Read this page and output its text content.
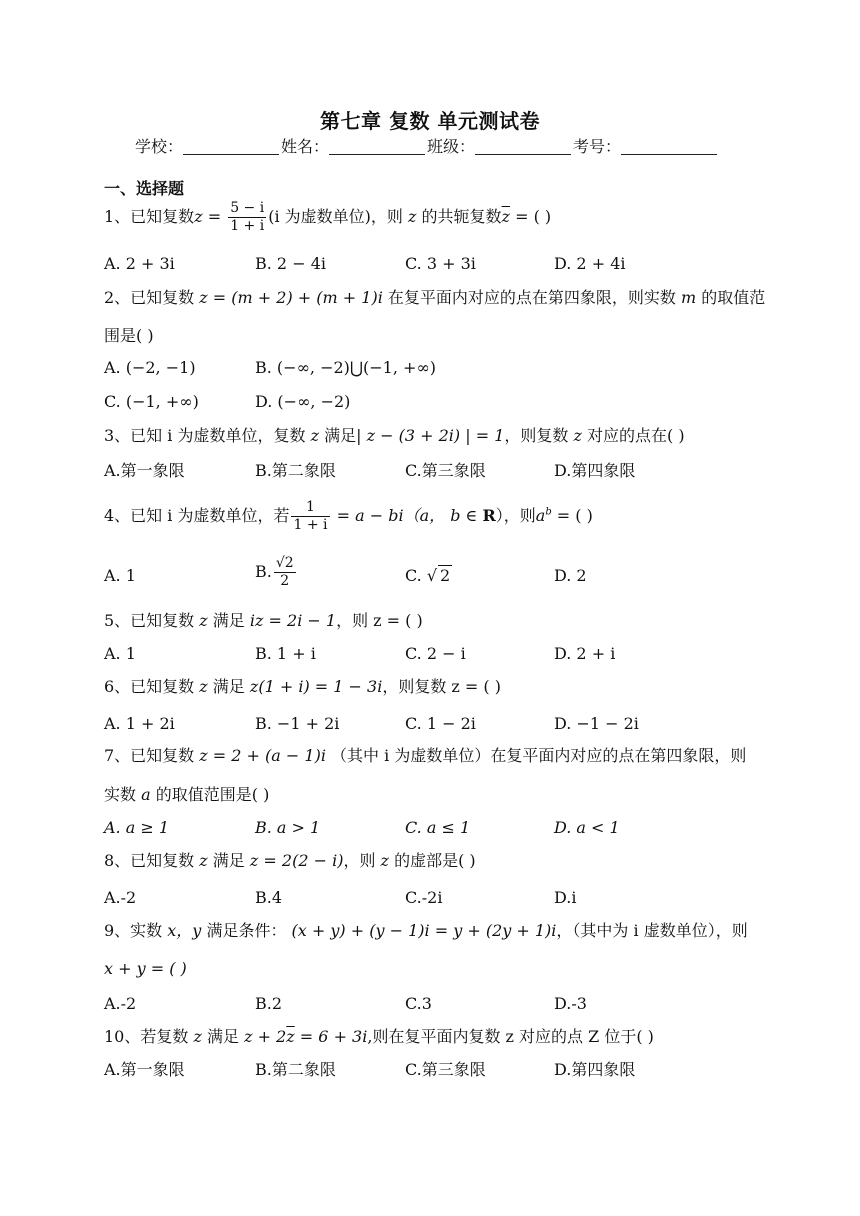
第七章 复数 单元测试卷
学校：	姓名：	班级：	考号：
一、选择题
1、已知复数$z = \frac{5 - i}{1 + i} (i$ 为虚数单位)，则 z 的共轭复数$\overline{z}$ = ( )
A. 2 + 3i	B. 2 − 4i	C. 3 + 3i	D. 2 + 4i
2、已知复数 z = (m + 2) + (m + 1)i 在复平面内对应的点在第四象限，则实数 m 的取值范
围是( )
A. (−2, −1)	B. (−∞, −2)⋃(−1, +∞)
C. (−1, +∞)	D. (−∞, −2)
3、已知 i 为虚数单位，复数 z 满足| z − (3 + 2i) | = 1，则复数 z 对应的点在( )
A.第一象限	B.第二象限	C.第三象限	D.第四象限
4、已知 i 为虚数单位，若 $\frac{1}{1 + i} = a - bi(a$， b ∈ R），则$a^b$ = ( )
A. 1	B. $\frac{√2}{2}$	C. √ 2	D. 2
5、已知复数 z 满足 iz = 2i − 1，则 z = ( )
A. 1	B. 1 + i	C. 2 − i	D. 2 + i
6、已知复数 z 满足 z(1 + i) = 1 − 3i，则复数 z = ( )
A. 1 + 2i	B. −1 + 2i	C. 1 − 2i	D. −1 − 2i
7、已知复数 z = 2 + (a − 1)i （其中 i 为虚数单位）在复平面内对应的点在第四象限，则
实数 a 的取值范围是( )
A. a ≥ 1	B. a > 1	C. a ≤ 1	D. a < 1
8、已知复数 z 满足 z = 2(2 − i)，则 z 的虚部是( )
A.-2	B.4	C.-2i	D.i
9、实数 x，y 满足条件： (x + y) + (y − 1)i = y + (2y + 1)i，（其中为 i 虚数单位），则
x + y = ( )
A.-2	B.2	C.3	D.-3
10、若复数 z 满足 $z + 2\overline{z} = 6 + 3i$,则在复平面内复数 z 对应的点 Z 位于( )
A.第一象限	B.第二象限	C.第三象限	D.第四象限
